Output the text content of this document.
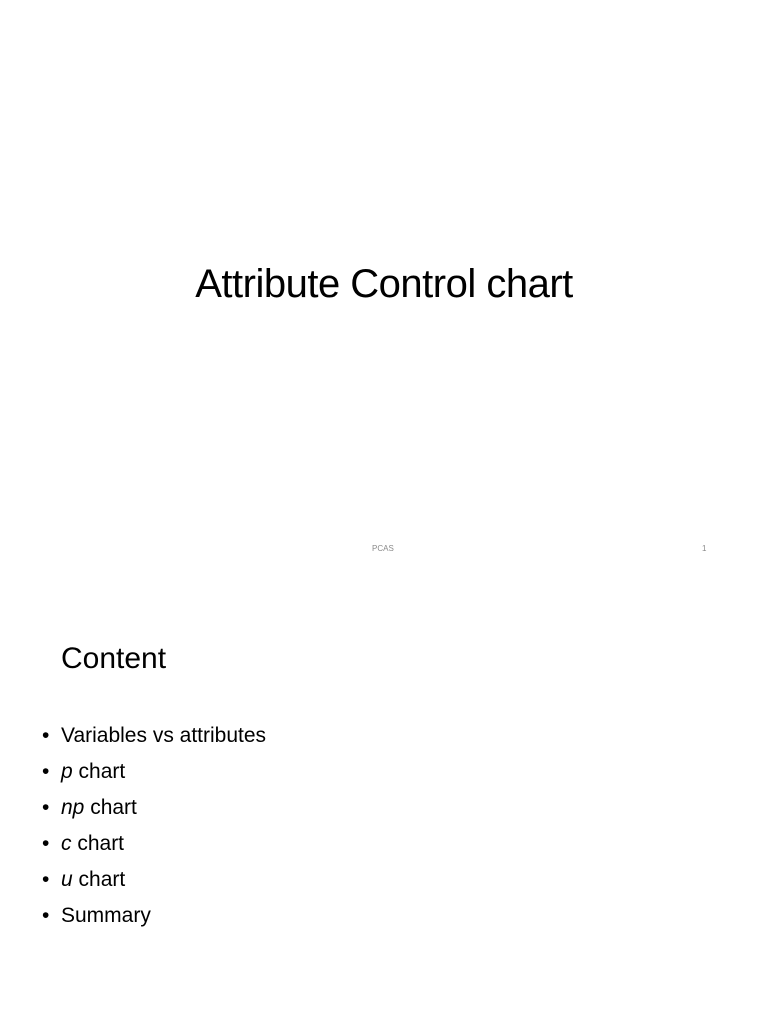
Attribute Control chart
PCAS	1
Content
• Variables vs attributes
• p chart
• np chart
• c chart
• u chart
• Summary
